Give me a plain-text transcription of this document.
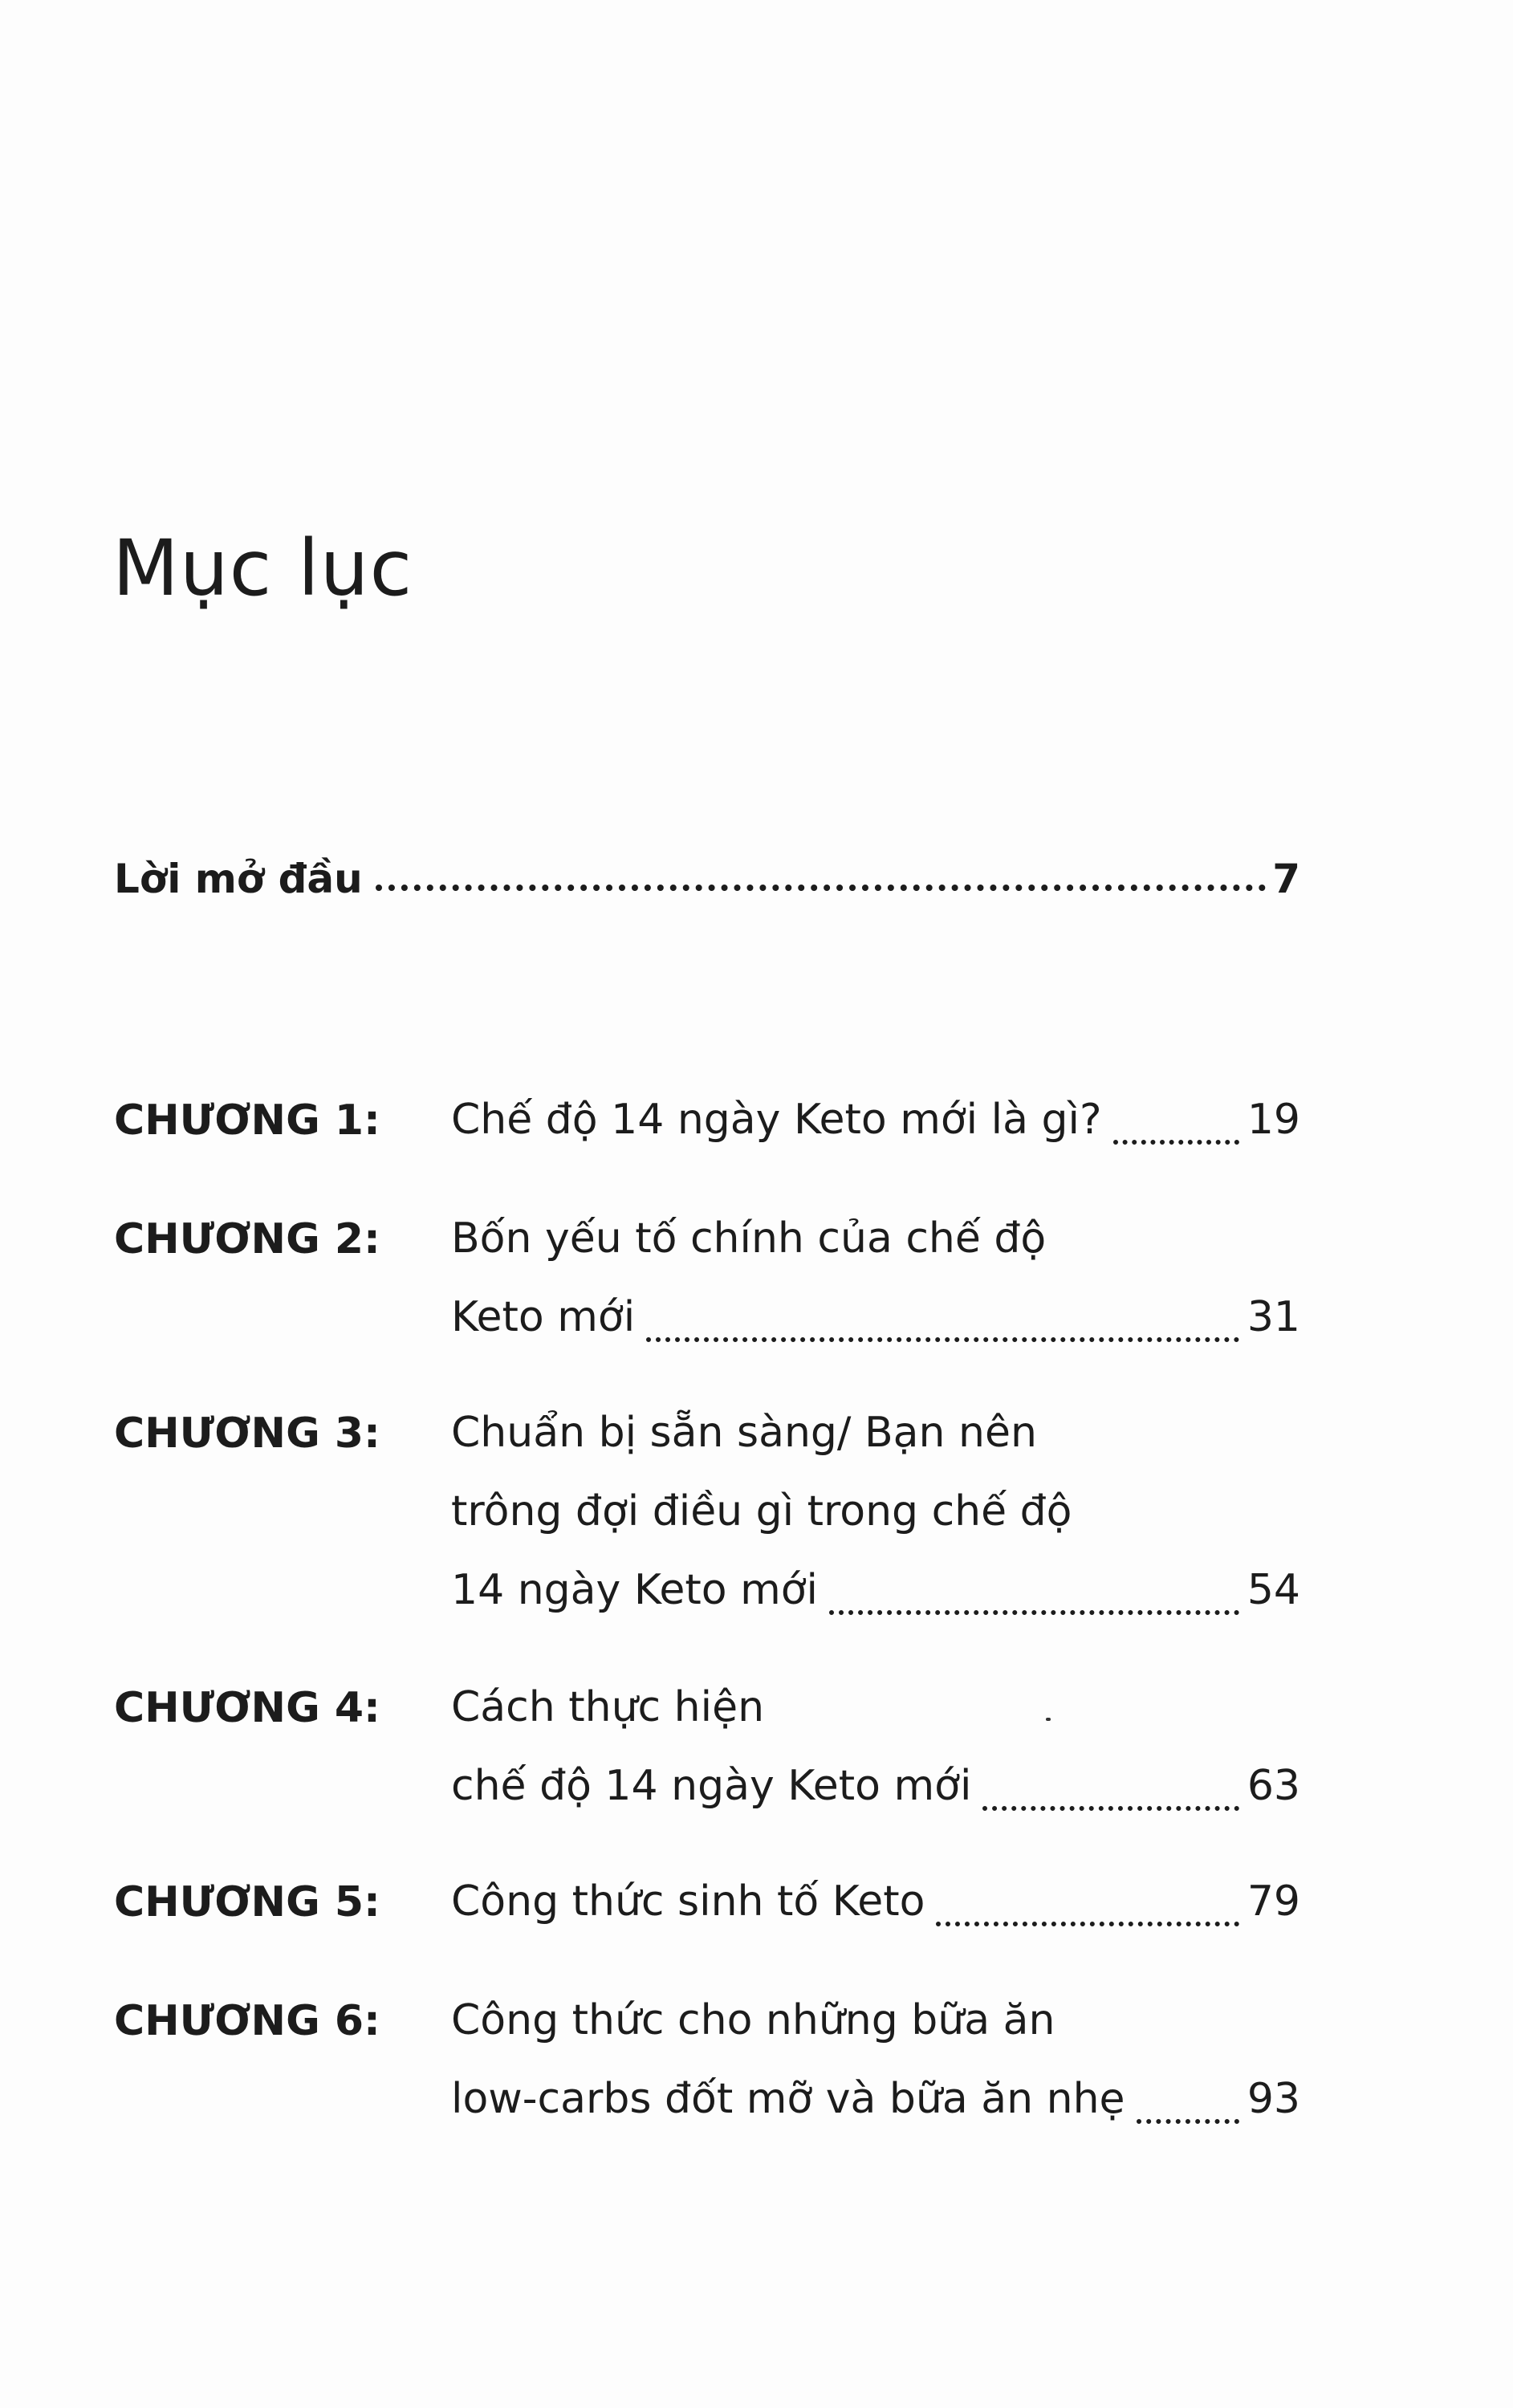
Mục lục
Lời mở đầu	7
CHƯƠNG 1: Chế độ 14 ngày Keto mới là gì?	19
CHƯƠNG 2: Bốn yếu tố chính của chế độ
Keto mới	31
CHƯƠNG 3: Chuẩn bị sẵn sàng/ Bạn nên
trông đợi điều gì trong chế độ
14 ngày Keto mới	54
CHƯƠNG 4: Cách thực hiện
chế độ 14 ngày Keto mới	63
CHƯƠNG 5: Công thức sinh tố Keto	79
CHƯƠNG 6: Công thức cho những bữa ăn
low-carbs đốt mỡ và bữa ăn nhẹ	93
